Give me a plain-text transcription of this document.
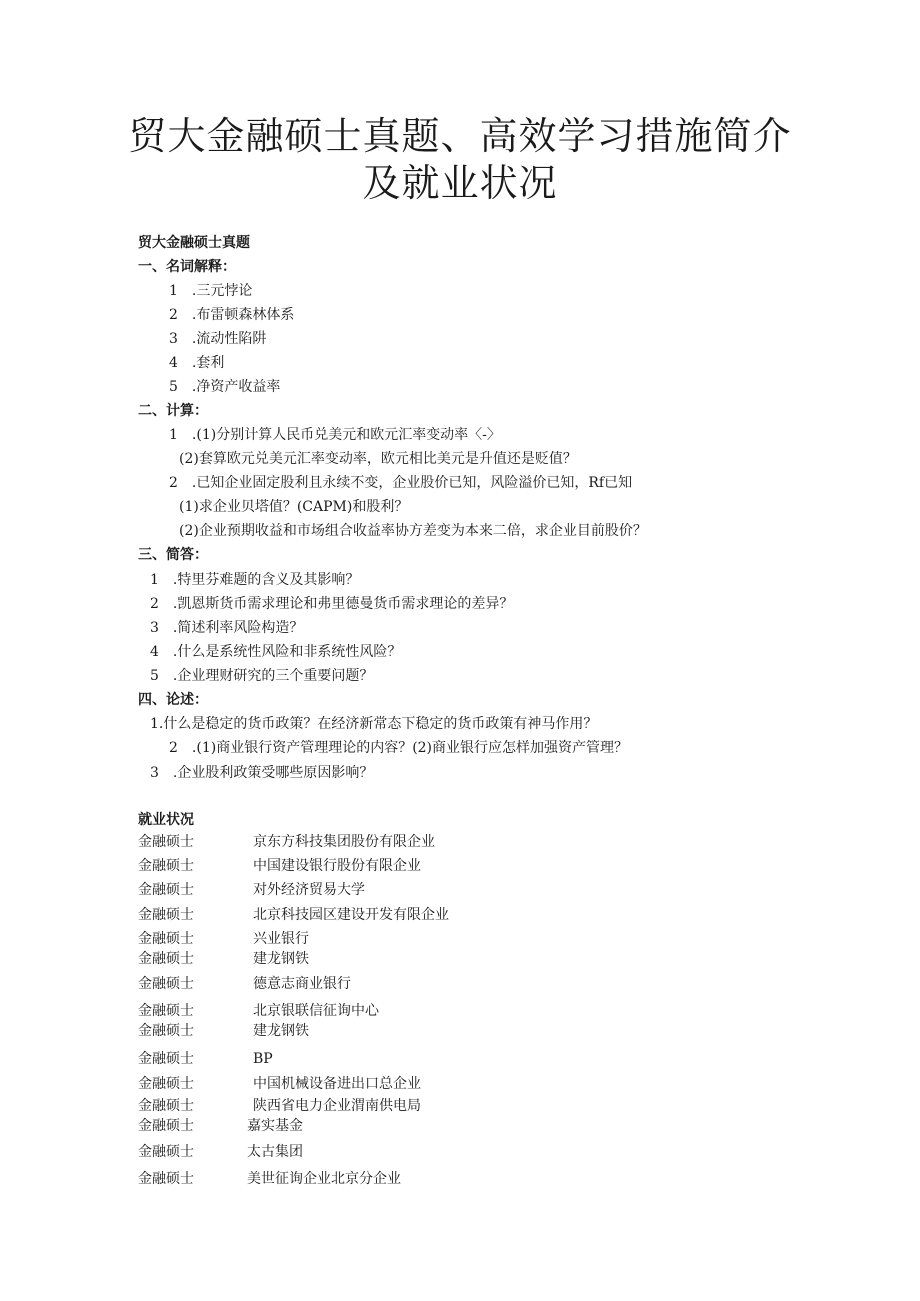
贸大金融硕士真题、高效学习措施简介
及就业状况
贸大金融硕士真题
一、名词解释：
1　.三元悖论
2　.布雷顿森林体系
3　.流动性陷阱
4　.套利
5　.净资产收益率
二、计算：
1　.(1)分别计算人民币兑美元和欧元汇率变动率〈-〉
(2)套算欧元兑美元汇率变动率，欧元相比美元是升值还是贬值？
2　.已知企业固定股利且永续不变，企业股价已知，风险溢价已知，Rf已知
(1)求企业贝塔值？(CAPM)和股利？
(2)企业预期收益和市场组合收益率协方差变为本来二倍，求企业目前股价？
三、简答：
1　.特里芬难题的含义及其影响？
2　.凯恩斯货币需求理论和弗里德曼货币需求理论的差异？
3　.简述利率风险构造？
4　.什么是系统性风险和非系统性风险？
5　.企业理财研究的三个重要问题？
四、论述：
1.什么是稳定的货币政策？在经济新常态下稳定的货币政策有神马作用？
2　.(1)商业银行资产管理理论的内容？(2)商业银行应怎样加强资产管理？
3　.企业股利政策受哪些原因影响？
就业状况
金融硕士	京东方科技集团股份有限企业
金融硕士	中国建设银行股份有限企业
金融硕士	对外经济贸易大学
金融硕士	北京科技园区建设开发有限企业
金融硕士	兴业银行
金融硕士	建龙钢铁
金融硕士	德意志商业银行
金融硕士	北京银联信征询中心
金融硕士	建龙钢铁
金融硕士	BP
金融硕士	中国机械设备进出口总企业
金融硕士	陕西省电力企业渭南供电局
金融硕士	嘉实基金
金融硕士	太古集团
金融硕士	美世征询企业北京分企业
